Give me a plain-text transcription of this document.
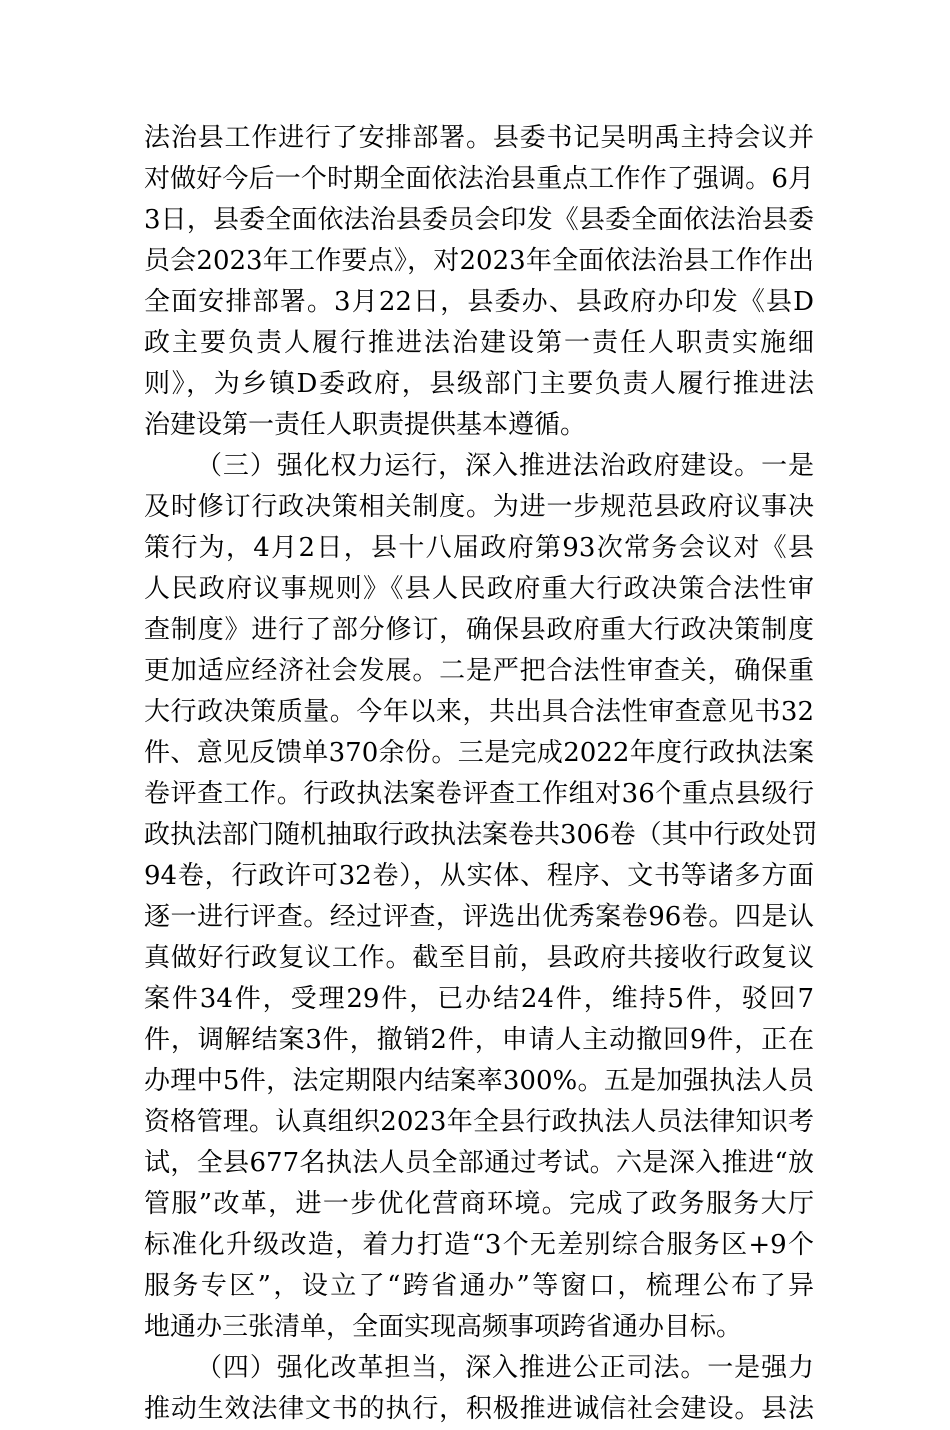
法治县工作进行了安排部署。县委书记吴明禹主持会议并
对做好今后一个时期全面依法治县重点工作作了强调。6月
3日，县委全面依法治县委员会印发《县委全面依法治县委
员会2023年工作要点》，对2023年全面依法治县工作作出
全面安排部署。3月22日，县委办、县政府办印发《县D
政主要负责人履行推进法治建设第一责任人职责实施细
则》，为乡镇D委政府，县级部门主要负责人履行推进法
治建设第一责任人职责提供基本遵循。
（三）强化权力运行，深入推进法治政府建设。一是
及时修订行政决策相关制度。为进一步规范县政府议事决
策行为，4月2日，县十八届政府第93次常务会议对《县
人民政府议事规则》《县人民政府重大行政决策合法性审
查制度》进行了部分修订，确保县政府重大行政决策制度
更加适应经济社会发展。二是严把合法性审查关，确保重
大行政决策质量。今年以来，共出具合法性审查意见书32
件、意见反馈单370余份。三是完成2022年度行政执法案
卷评查工作。行政执法案卷评查工作组对36个重点县级行
政执法部门随机抽取行政执法案卷共306卷（其中行政处罚
94卷，行政许可32卷），从实体、程序、文书等诸多方面
逐一进行评查。经过评查，评选出优秀案卷96卷。四是认
真做好行政复议工作。截至目前，县政府共接收行政复议
案件34件，受理29件，已办结24件，维持5件，驳回7
件，调解结案3件，撤销2件，申请人主动撤回9件，正在
办理中5件，法定期限内结案率300%。五是加强执法人员
资格管理。认真组织2023年全县行政执法人员法律知识考
试，全县677名执法人员全部通过考试。六是深入推进“放
管服”改革，进一步优化营商环境。完成了政务服务大厅
标准化升级改造，着力打造“3个无差别综合服务区+9个
服务专区”，设立了“跨省通办”等窗口，梳理公布了异
地通办三张清单，全面实现高频事项跨省通办目标。
（四）强化改革担当，深入推进公正司法。一是强力
推动生效法律文书的执行，积极推进诚信社会建设。县法
